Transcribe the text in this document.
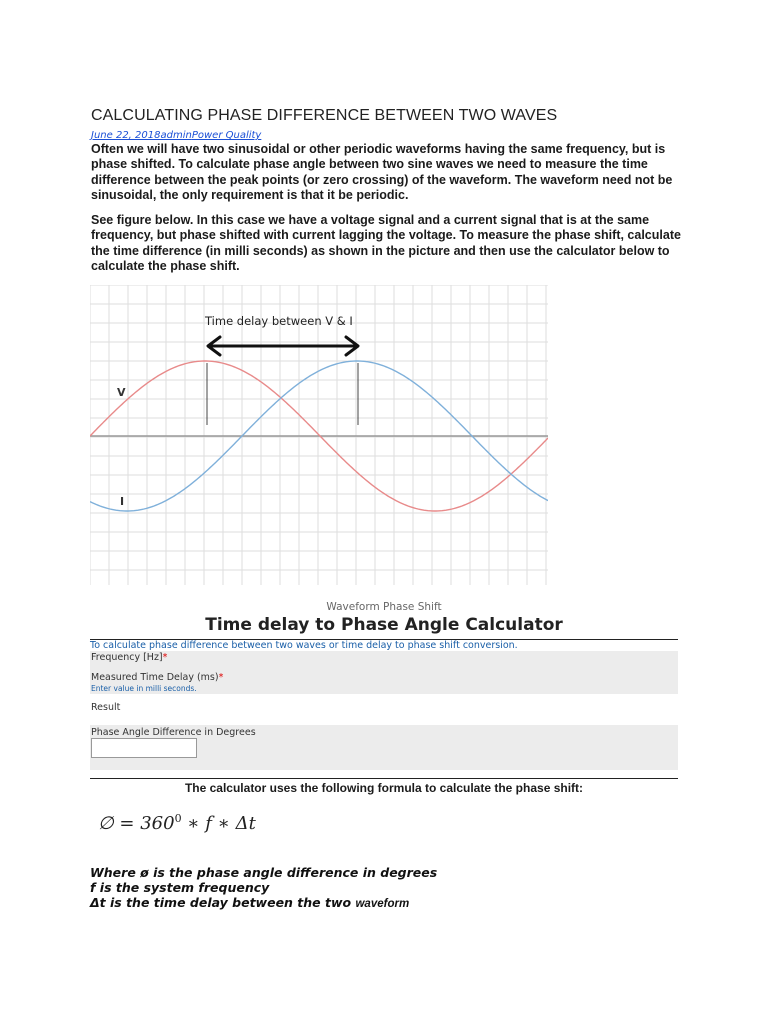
CALCULATING PHASE DIFFERENCE BETWEEN TWO WAVES
June 22, 2018adminPower Quality

Often we will have two sinusoidal or other periodic waveforms having the same frequency, but is phase shifted. To calculate phase angle between two sine waves we need to measure the time difference between the peak points (or zero crossing) of the waveform. The waveform need not be sinusoidal, the only requirement is that it be periodic.

See figure below. In this case we have a voltage signal and a current signal that is at the same frequency, but phase shifted with current lagging the voltage. To measure the phase shift, calculate the time difference (in milli seconds) as shown in the picture and then use the calculator below to calculate the phase shift.

Time delay between V & I
V
I
Waveform Phase Shift
Time delay to Phase Angle Calculator
To calculate phase difference between two waves or time delay to phase shift conversion.
Frequency [Hz]*
Measured Time Delay (ms)*
Enter value in milli seconds.
Result
Phase Angle Difference in Degrees
The calculator uses the following formula to calculate the phase shift:
∅ = $360^0$ ∗ f ∗ Δt
Where ø is the phase angle difference in degrees
f is the system frequency
Δt is the time delay between the two waveform
